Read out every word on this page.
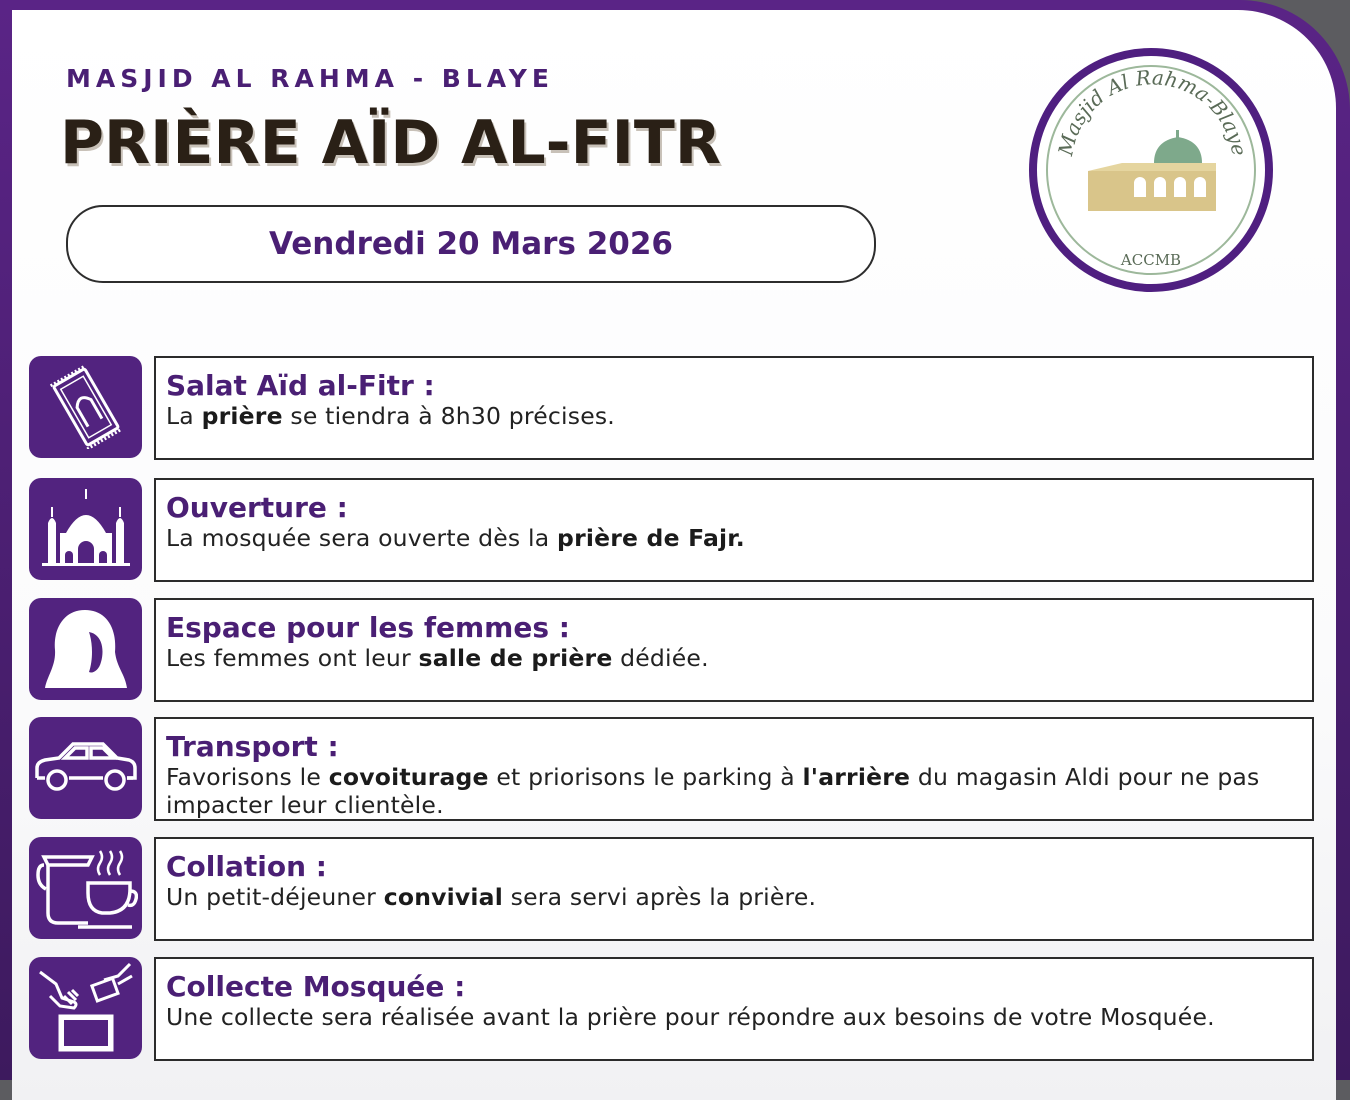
MASJID AL RAHMA - BLAYE
PRIÈRE AÏD AL-FITR
Vendredi 20 Mars 2026
Masjid Al Rahma-Blaye
ACCMB

Salat Aïd al-Fitr :

La prière se tiendra à 8h30 précises.

Ouverture :

La mosquée sera ouverte dès la prière de Fajr.

Espace pour les femmes :

Les femmes ont leur salle de prière dédiée.

Transport :

Favorisons le covoiturage et priorisons le parking à l'arrière du magasin Aldi pour ne pas impacter leur clientèle.

Collation :

Un petit-déjeuner convivial sera servi après la prière.

Collecte Mosquée :

Une collecte sera réalisée avant la prière pour répondre aux besoins de votre Mosquée.
